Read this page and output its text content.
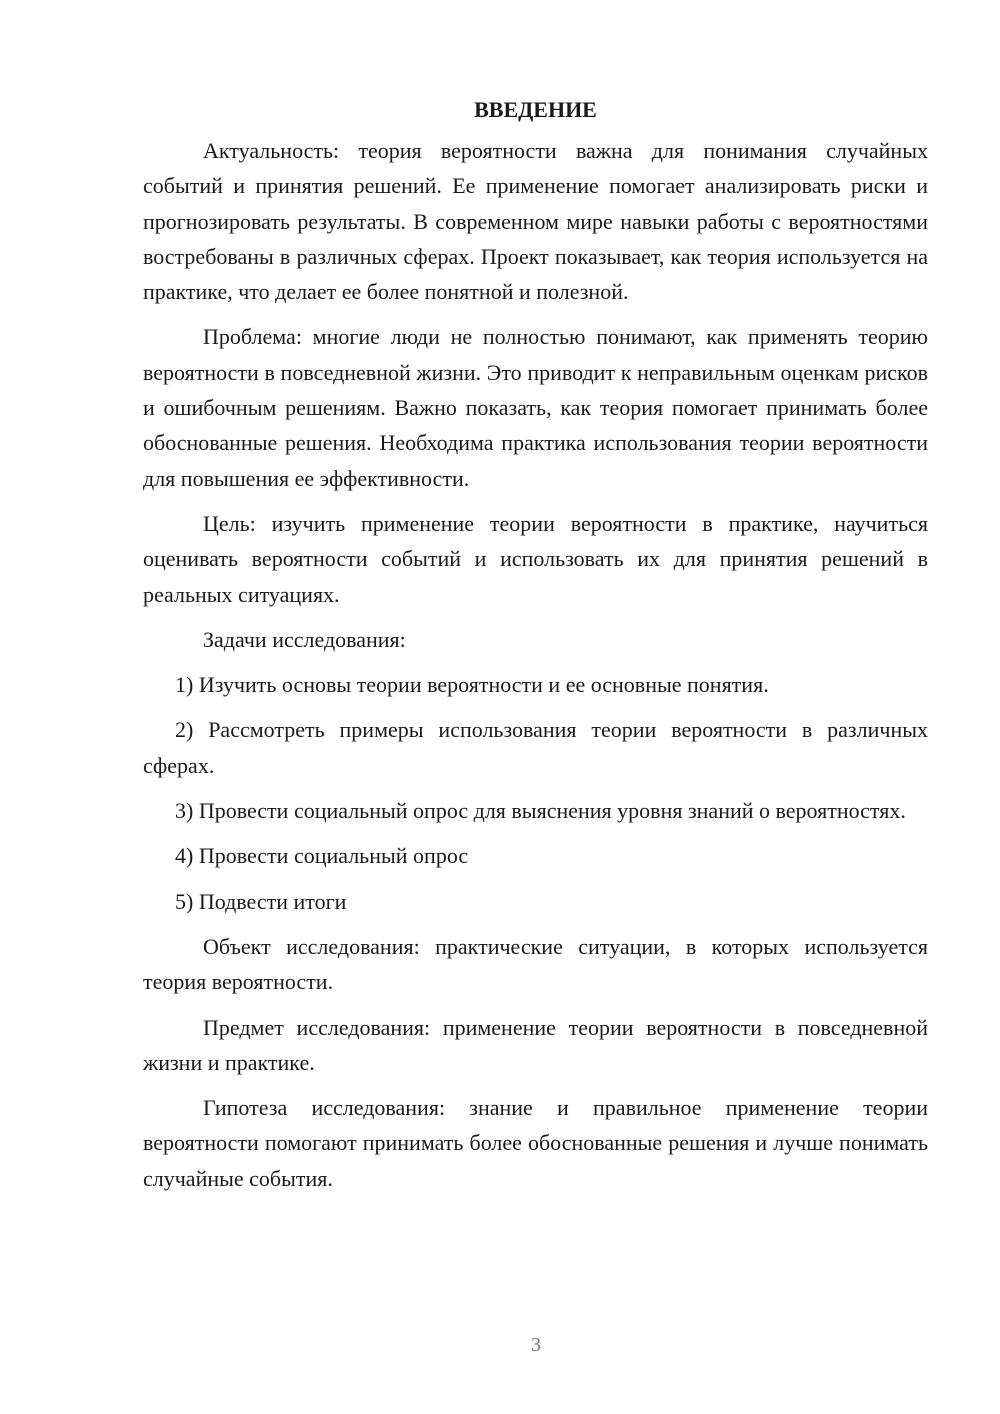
ВВЕДЕНИЕ

Актуальность: теория вероятности важна для понимания случайных событий и принятия решений. Ее применение помогает анализировать риски и прогнозировать результаты. В современном мире навыки работы с вероятностями востребованы в различных сферах. Проект показывает, как теория используется на практике, что делает ее более понятной и полезной.

Проблема: многие люди не полностью понимают, как применять теорию вероятности в повседневной жизни. Это приводит к неправильным оценкам рисков и ошибочным решениям. Важно показать, как теория помогает принимать более обоснованные решения. Необходима практика использования теории вероятности для повышения ее эффективности.

Цель: изучить применение теории вероятности в практике, научиться оценивать вероятности событий и использовать их для принятия решений в реальных ситуациях.

Задачи исследования:

1) Изучить основы теории вероятности и ее основные понятия.

2) Рассмотреть примеры использования теории вероятности в различных сферах.

3) Провести социальный опрос для выяснения уровня знаний о вероятностях.

4) Провести социальный опрос

5) Подвести итоги

Объект исследования: практические ситуации, в которых используется теория вероятности.

Предмет исследования: применение теории вероятности в повседневной жизни и практике.

Гипотеза исследования: знание и правильное применение теории вероятности помогают принимать более обоснованные решения и лучше понимать случайные события.

3
